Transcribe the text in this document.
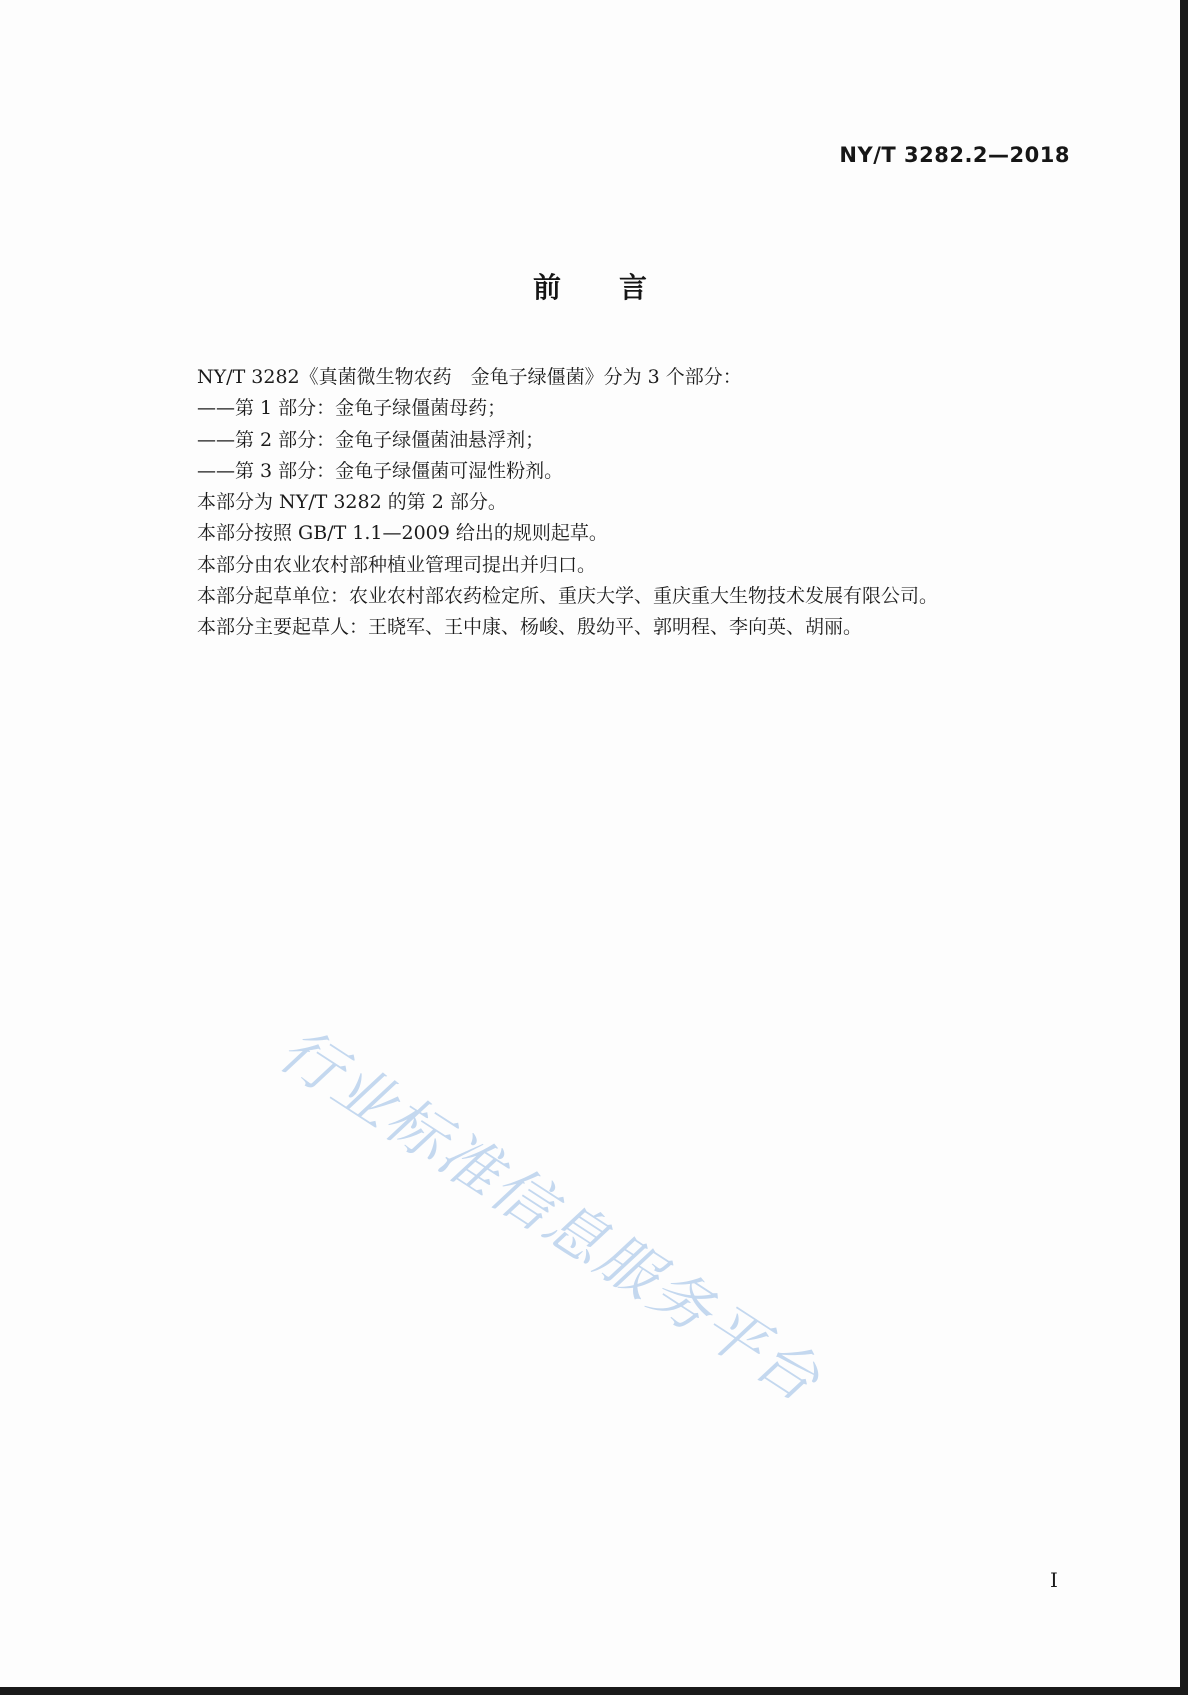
NY/T 3282.2—2018
前言
NY/T 3282《真菌微生物农药　金龟子绿僵菌》分为 3 个部分：
——第 1 部分：金龟子绿僵菌母药；
——第 2 部分：金龟子绿僵菌油悬浮剂；
——第 3 部分：金龟子绿僵菌可湿性粉剂。
本部分为 NY/T 3282 的第 2 部分。
本部分按照 GB/T 1.1—2009 给出的规则起草。
本部分由农业农村部种植业管理司提出并归口。
本部分起草单位：农业农村部农药检定所、重庆大学、重庆重大生物技术发展有限公司。
本部分主要起草人：王晓军、王中康、杨峻、殷幼平、郭明程、李向英、胡丽。
行业标准信息服务平台
I
